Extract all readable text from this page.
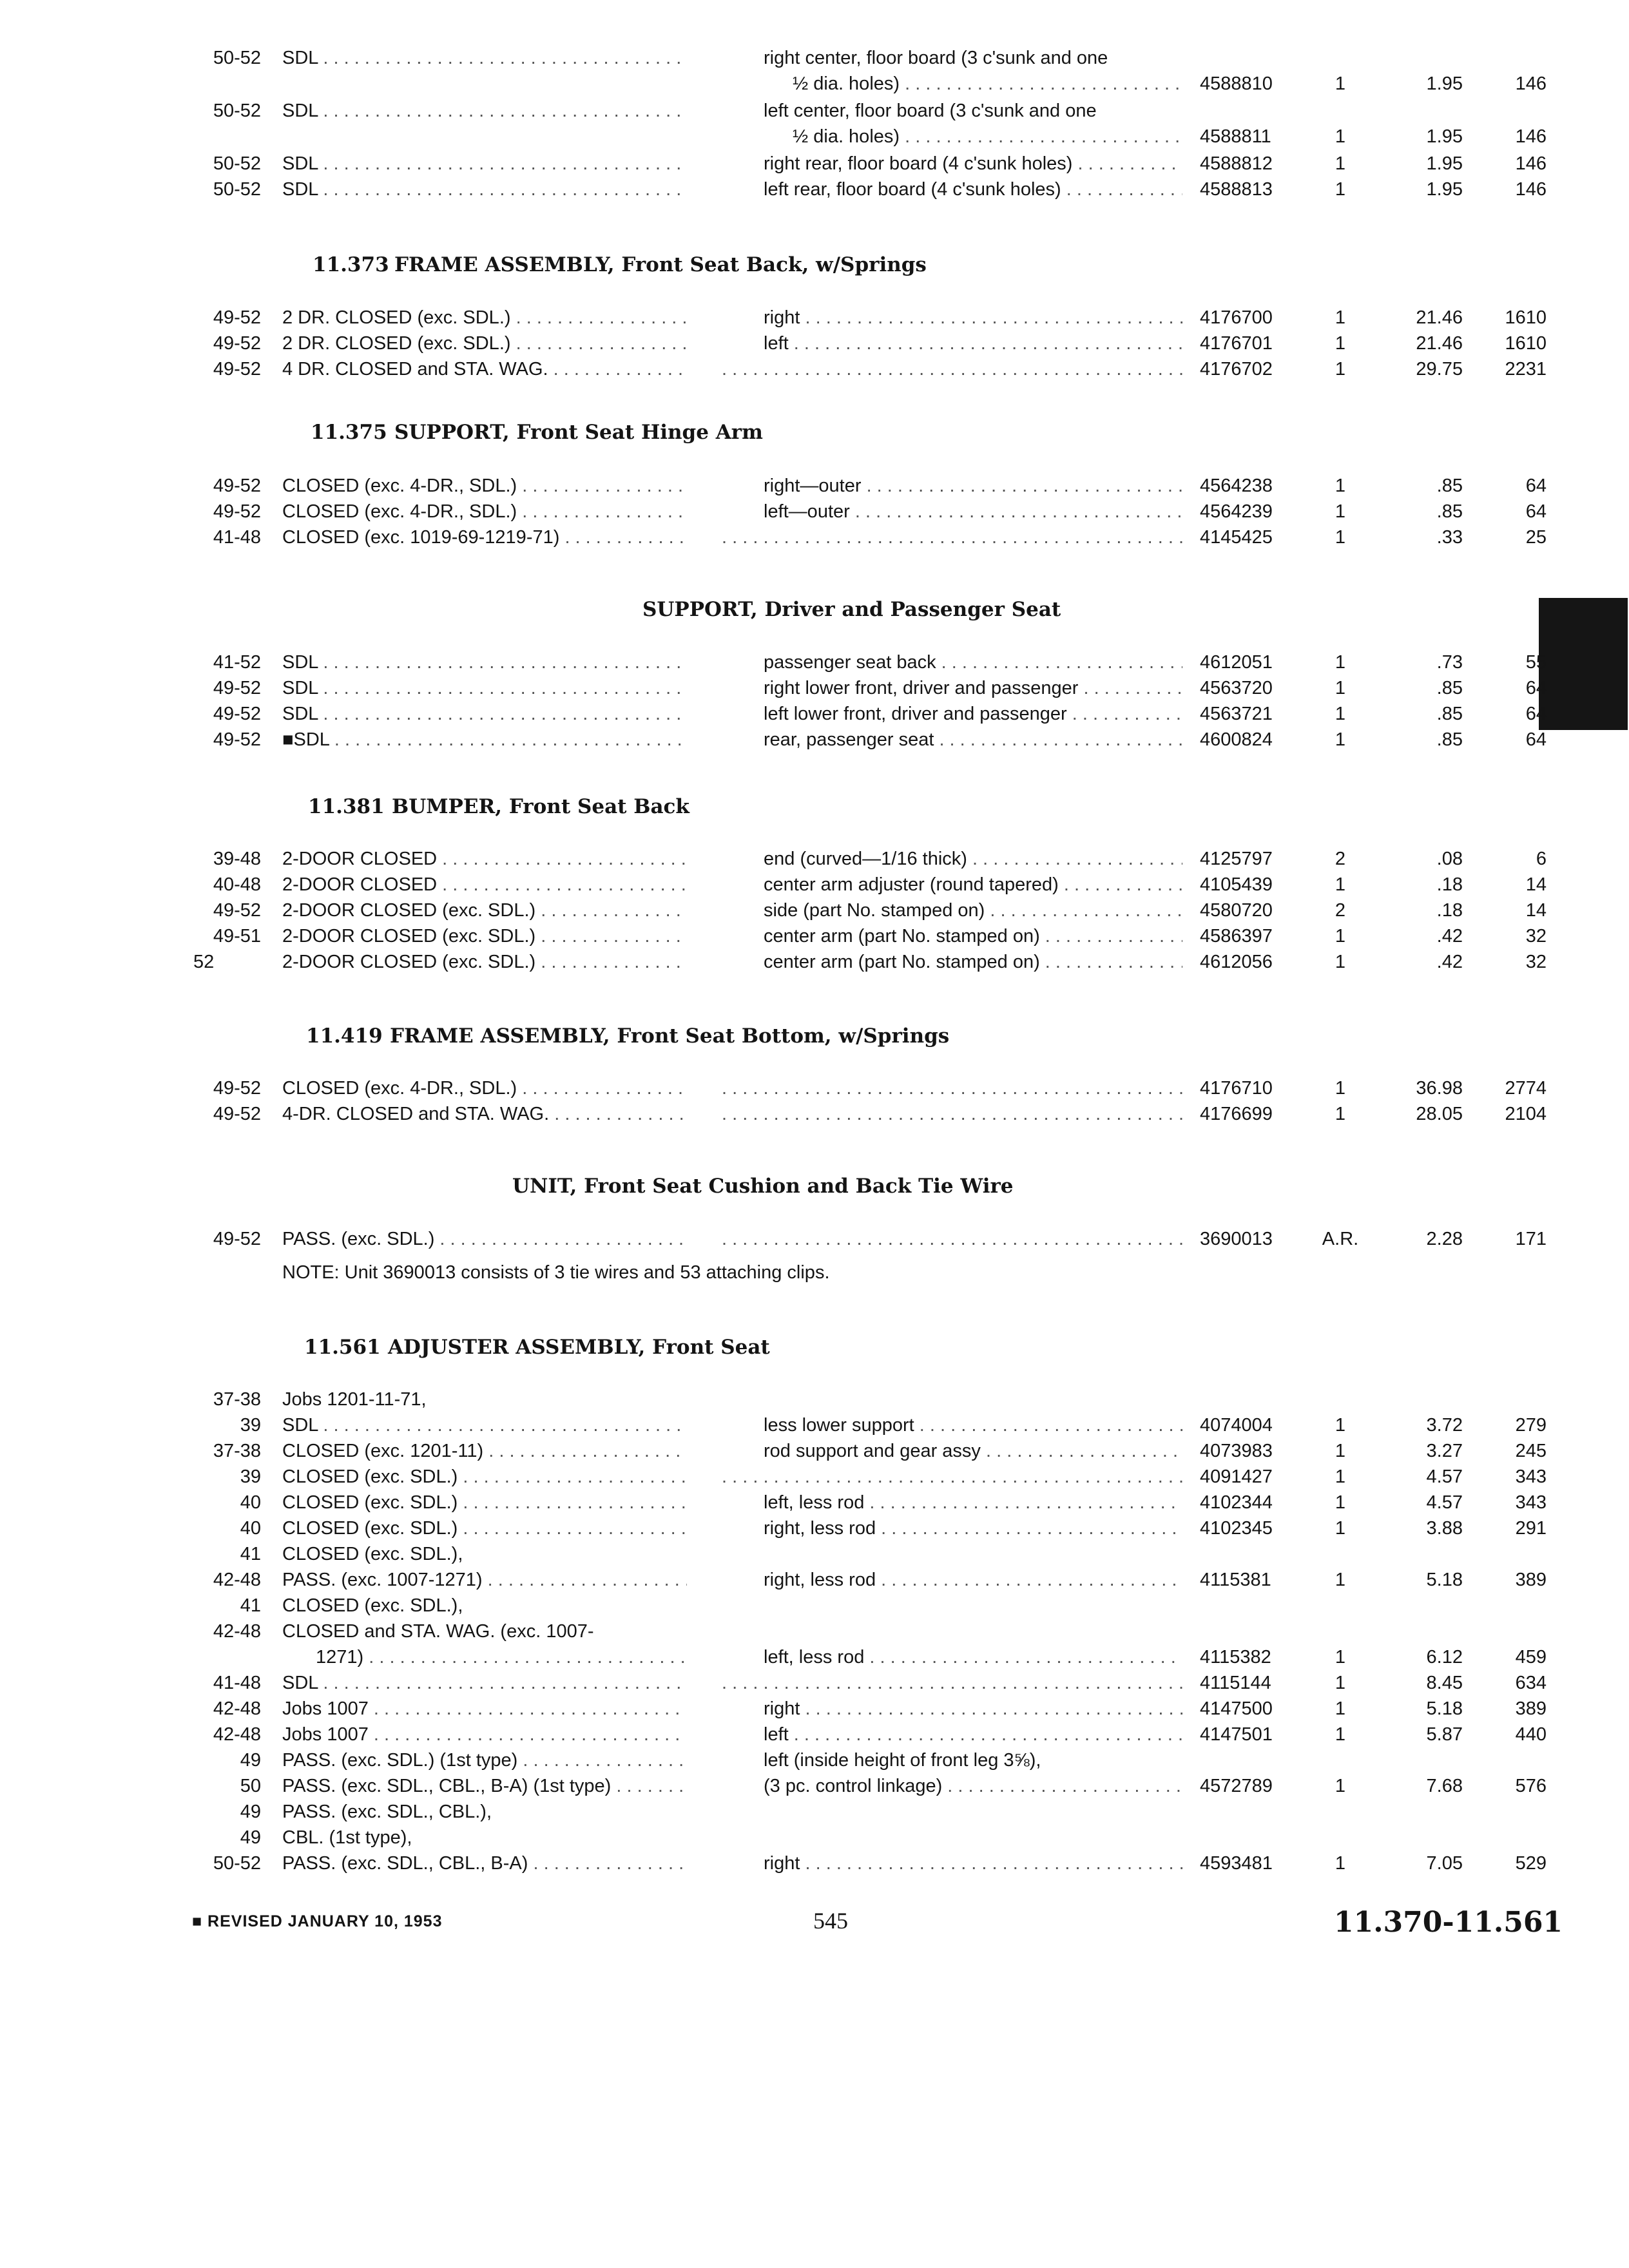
■ REVISED JANUARY 10, 1953	545	11.370-11.561
50-52 SDL . . .	right center, floor board (3 c'sunk and one
½ dia. holes) . . .	4588810	1	1.95	146
50-52 SDL . . .	left center, floor board (3 c'sunk and one
½ dia. holes) . . .	4588811	1	1.95	146
50-52 SDL . . .	right rear, floor board (4 c'sunk holes) . . .	4588812	1	1.95	146
50-52 SDL . . .	left rear, floor board (4 c'sunk holes) . . .	4588813	1	1.95	146
11.373 FRAME ASSEMBLY, Front Seat Back, w/Springs
49-52 2 DR. CLOSED (exc. SDL.) . . .	right . . .	4176700	1	21.46	1610
49-52 2 DR. CLOSED (exc. SDL.) . . .	left . . .	4176701	1	21.46	1610
49-52 4 DR. CLOSED and STA. WAG. . . . . . .	4176702	1	29.75	2231
11.375 SUPPORT, Front Seat Hinge Arm
49-52 CLOSED (exc. 4-DR., SDL.) . . .	right—outer . . .	4564238	1	.85	64
49-52 CLOSED (exc. 4-DR., SDL.) . . .	left—outer . . .	4564239	1	.85	64
41-48 CLOSED (exc. 1019-69-1219-71) . . . . . .	4145425	1	.33	25
SUPPORT, Driver and Passenger Seat
41-52 SDL . . .	passenger seat back . . .	4612051	1	.73	55
49-52 SDL . . .	right lower front, driver and passenger . . .	4563720	1	.85	64
49-52 SDL . . .	left lower front, driver and passenger . . .	4563721	1	.85	64
49-52 ■SDL . . .	rear, passenger seat . . .	4600824	1	.85	64
11.381 BUMPER, Front Seat Back
39-48 2-DOOR CLOSED . . .	end (curved—1/16 thick) . . .	4125797	2	.08	6
40-48 2-DOOR CLOSED . . .	center arm adjuster (round tapered) . . .	4105439	1	.18	14
49-52 2-DOOR CLOSED (exc. SDL.) . . .	side (part No. stamped on) . . .	4580720	2	.18	14
49-51 2-DOOR CLOSED (exc. SDL.) . . .	center arm (part No. stamped on) . . .	4586397	1	.42	32
52	2-DOOR CLOSED (exc. SDL.) . . .	center arm (part No. stamped on) . . .	4612056	1	.42	32
11.419 FRAME ASSEMBLY, Front Seat Bottom, w/Springs
49-52 CLOSED (exc. 4-DR., SDL.) . . . . . .	4176710	1	36.98	2774
49-52 4-DR. CLOSED and STA. WAG. . . . . . .	4176699	1	28.05	2104
UNIT, Front Seat Cushion and Back Tie Wire
49-52 PASS. (exc. SDL.) . . . . . .	3690013	A.R.	2.28	171
NOTE: Unit 3690013 consists of 3 tie wires and 53 attaching clips.
11.561 ADJUSTER ASSEMBLY, Front Seat
37-38 Jobs 1201-11-71,
39 SDL . . .	less lower support . . .	4074004	1	3.72	279
37-38 CLOSED (exc. 1201-11) . . .	rod support and gear assy . . .	4073983	1	3.27	245
39 CLOSED (exc. SDL.) . . . . . .	4091427	1	4.57	343
40 CLOSED (exc. SDL.) . . .	left, less rod . . .	4102344	1	4.57	343
40 CLOSED (exc. SDL.) . . .	right, less rod . . .	4102345	1	3.88	291
41 CLOSED (exc. SDL.),
42-48 PASS. (exc. 1007-1271) . . .	right, less rod . . .	4115381	1	5.18	389
41 CLOSED (exc. SDL.),
42-48 CLOSED and STA. WAG. (exc. 1007-
1271) . . .	left, less rod . . .	4115382	1	6.12	459
41-48 SDL . . . . . .	4115144	1	8.45	634
42-48 Jobs 1007 . . .	right . . .	4147500	1	5.18	389
42-48 Jobs 1007 . . .	left . . .	4147501	1	5.87	440
49 PASS. (exc. SDL.) (1st type) . . .	left (inside height of front leg 3⅝),
50 PASS. (exc. SDL., CBL., B-A) (1st type) . . .	(3 pc. control linkage) . . .	4572789	1	7.68	576
49 PASS. (exc. SDL., CBL.),
49 CBL. (1st type),
50-52 PASS. (exc. SDL., CBL., B-A) . . .	right . . .	4593481	1	7.05	529
